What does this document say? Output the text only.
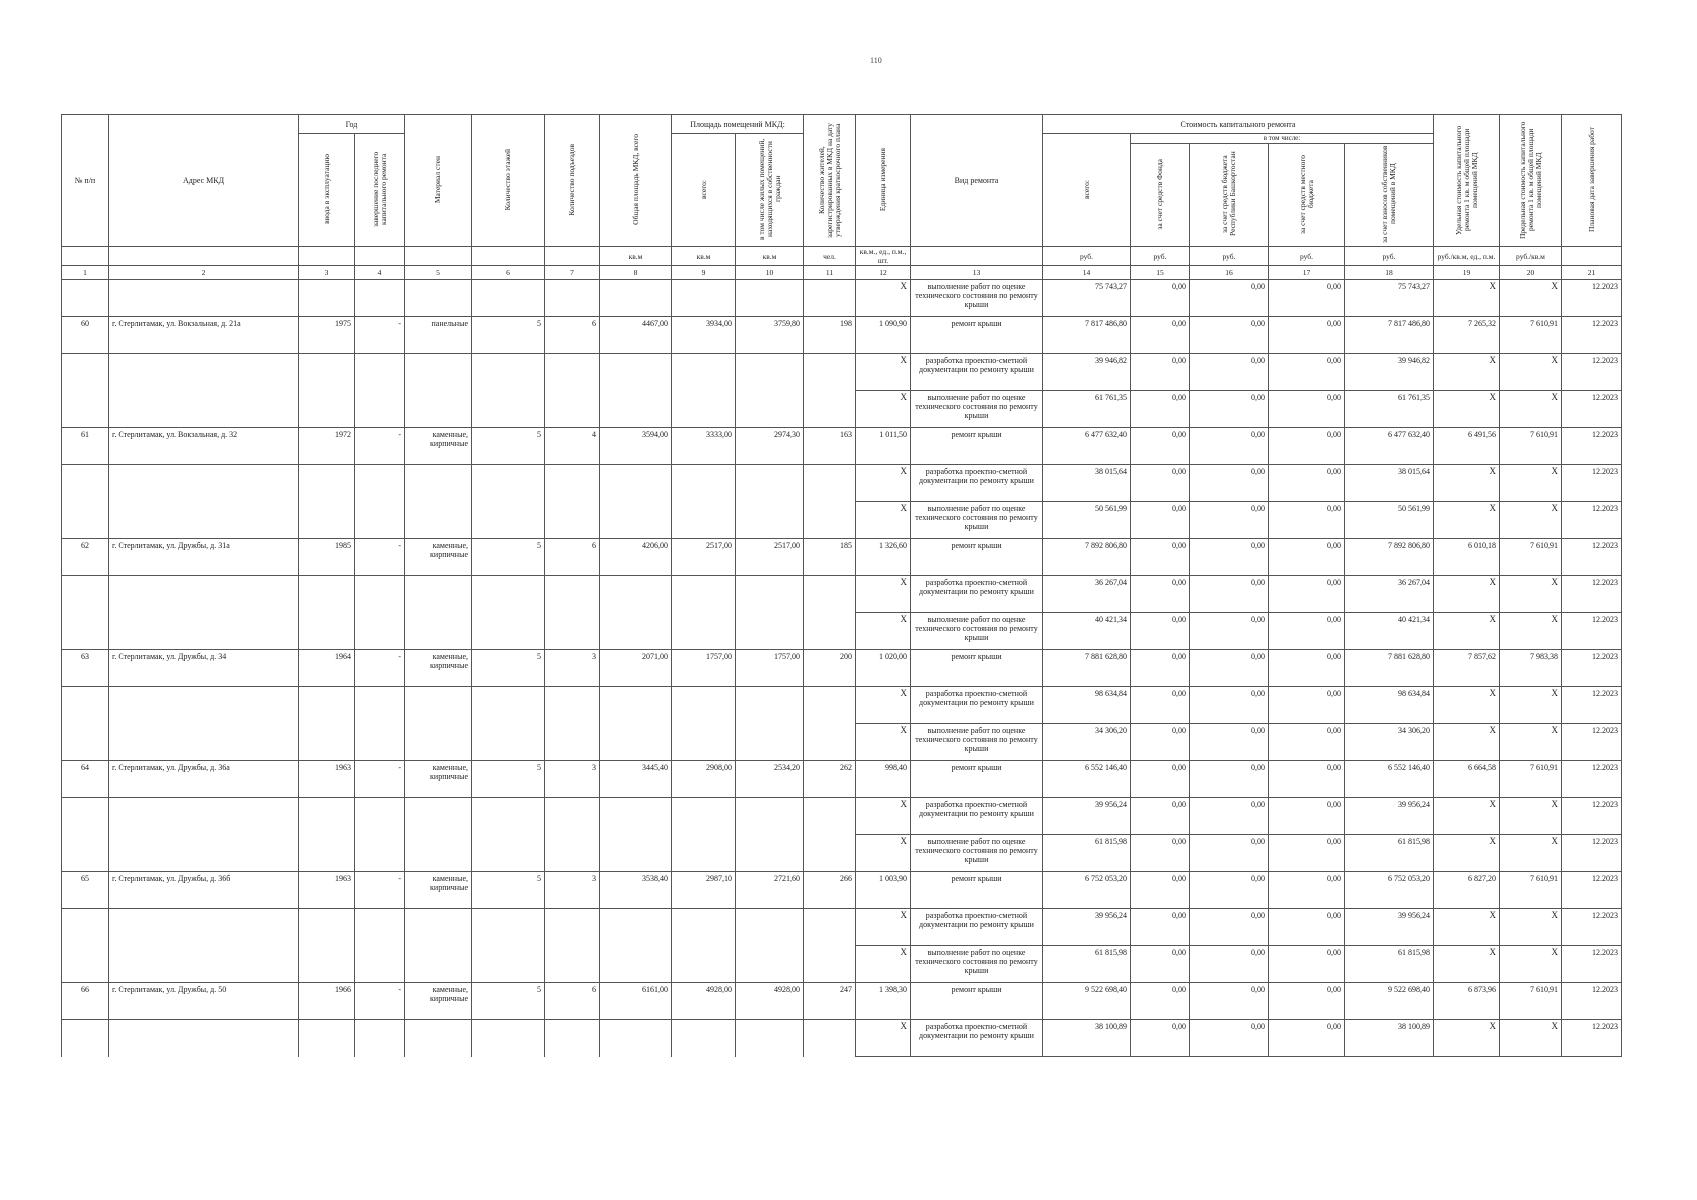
110
№ п/п	Адрес МКД	Год		Материал стен	Количество этажей	Количество подъездов	Общая площадь МКД, всего	Площадь помещений МКД:		Количество жителей, зарегистрированных в МКД на дату утверждения краткосрочного плана	Единица измерения	Вид ремонта	Стоимость капитального ремонта					Удельная стоимость капитального ремонта 1 кв. м общей площади помещений МКД	Предельная стоимость капитального ремонта 1 кв. м общей площади помещений МКД	Плановая дата завершения работ
		ввода в эксплуатацию	завершение последнего капитального ремонта					всего:	в том числе жилых помещений, находящихся в собственности граждан				всего:	в том числе:						
														за счет средств Фонда	за счет средств бюджета Республики Башкортостан	за счет средств местного бюджета	за счет взносов собственников помещений в МКД			
							кв.м	кв.м	кв.м	чел.	кв.м., ед., п.м., шт.		руб.	руб.	руб.	руб.	руб.	руб./кв.м, ед., п.м.	руб./кв.м	
1	2	3	4	5	6	7	8	9	10	11	12	13	14	15	16	17	18	19	20	21
											X	выполнение работ по оценке технического состояния по ремонту крыши	75 743,27	0,00	0,00	0,00	75 743,27	X	X	12.2023
60	г. Стерлитамак, ул. Вокзальная, д. 21а	1975	-	панельные	5	6	4467,00	3934,00	3759,80	198	1 090,90	ремонт крыши	7 817 486,80	0,00	0,00	0,00	7 817 486,80	7 265,32	7 610,91	12.2023
											X	разработка проектно-сметной документации по ремонту крыши	39 946,82	0,00	0,00	0,00	39 946,82	X	X	12.2023
											X	выполнение работ по оценке технического состояния по ремонту крыши	61 761,35	0,00	0,00	0,00	61 761,35	X	X	12.2023
61	г. Стерлитамак, ул. Вокзальная, д. 32	1972	-	каменные, кирпичные	5	4	3594,00	3333,00	2974,30	163	1 011,50	ремонт крыши	6 477 632,40	0,00	0,00	0,00	6 477 632,40	6 491,56	7 610,91	12.2023
											X	разработка проектно-сметной документации по ремонту крыши	38 015,64	0,00	0,00	0,00	38 015,64	X	X	12.2023
											X	выполнение работ по оценке технического состояния по ремонту крыши	50 561,99	0,00	0,00	0,00	50 561,99	X	X	12.2023
62	г. Стерлитамак, ул. Дружбы, д. 31а	1985	-	каменные, кирпичные	5	6	4206,00	2517,00	2517,00	185	1 326,60	ремонт крыши	7 892 806,80	0,00	0,00	0,00	7 892 806,80	6 010,18	7 610,91	12.2023
											X	разработка проектно-сметной документации по ремонту крыши	36 267,04	0,00	0,00	0,00	36 267,04	X	X	12.2023
											X	выполнение работ по оценке технического состояния по ремонту крыши	40 421,34	0,00	0,00	0,00	40 421,34	X	X	12.2023
63	г. Стерлитамак, ул. Дружбы, д. 34	1964	-	каменные, кирпичные	5	3	2071,00	1757,00	1757,00	200	1 020,00	ремонт крыши	7 881 628,80	0,00	0,00	0,00	7 881 628,80	7 857,62	7 983,38	12.2023
											X	разработка проектно-сметной документации по ремонту крыши	98 634,84	0,00	0,00	0,00	98 634,84	X	X	12.2023
											X	выполнение работ по оценке технического состояния по ремонту крыши	34 306,20	0,00	0,00	0,00	34 306,20	X	X	12.2023
64	г. Стерлитамак, ул. Дружбы, д. 36а	1963	-	каменные, кирпичные	5	3	3445,40	2908,00	2534,20	262	998,40	ремонт крыши	6 552 146,40	0,00	0,00	0,00	6 552 146,40	6 664,58	7 610,91	12.2023
											X	разработка проектно-сметной документации по ремонту крыши	39 956,24	0,00	0,00	0,00	39 956,24	X	X	12.2023
											X	выполнение работ по оценке технического состояния по ремонту крыши	61 815,98	0,00	0,00	0,00	61 815,98	X	X	12.2023
65	г. Стерлитамак, ул. Дружбы, д. 36б	1963	-	каменные, кирпичные	5	3	3538,40	2987,10	2721,60	266	1 003,90	ремонт крыши	6 752 053,20	0,00	0,00	0,00	6 752 053,20	6 827,20	7 610,91	12.2023
											X	разработка проектно-сметной документации по ремонту крыши	39 956,24	0,00	0,00	0,00	39 956,24	X	X	12.2023
											X	выполнение работ по оценке технического состояния по ремонту крыши	61 815,98	0,00	0,00	0,00	61 815,98	X	X	12.2023
66	г. Стерлитамак, ул. Дружбы, д. 50	1966	-	каменные, кирпичные	5	6	6161,00	4928,00	4928,00	247	1 398,30	ремонт крыши	9 522 698,40	0,00	0,00	0,00	9 522 698,40	6 873,96	7 610,91	12.2023
											X	разработка проектно-сметной документации по ремонту крыши	38 100,89	0,00	0,00	0,00	38 100,89	X	X	12.2023
